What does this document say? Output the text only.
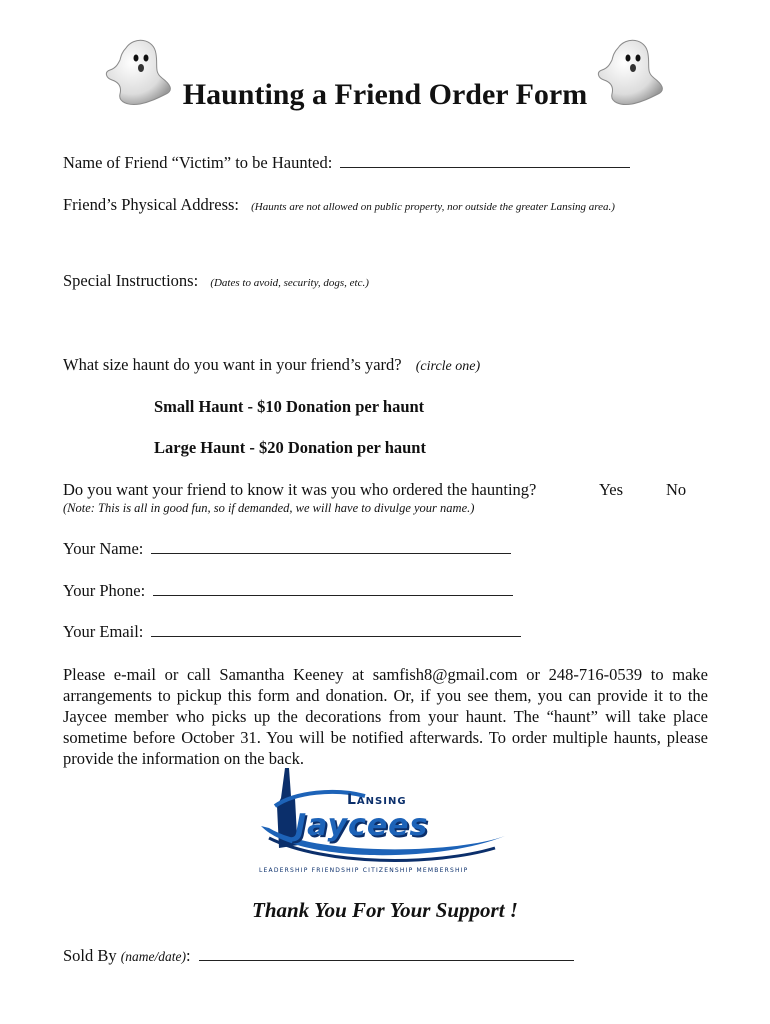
Haunting a Friend Order Form
Name of Friend “Victim” to be Haunted:
Friend’s Physical Address: (Haunts are not allowed on public property, nor outside the greater Lansing area.)
Special Instructions: (Dates to avoid, security, dogs, etc.)
What size haunt do you want in your friend’s yard? (circle one)
Small Haunt - $10 Donation per haunt
Large Haunt - $20 Donation per haunt
Do you want your friend to know it was you who ordered the haunting?	Yes	No
(Note: This is all in good fun, so if demanded, we will have to divulge your name.)
Your Name:
Your Phone:
Your Email:
Please e-mail or call Samantha Keeney at samfish8@gmail.com or 248-716-0539 to make arrangements to pickup this form and donation. Or, if you see them, you can provide it to the Jaycee member who picks up the decorations from your haunt. The “haunt” will take place sometime before October 31. You will be notified afterwards. To order multiple haunts, please provide the information on the back.
Lansing
Jaycees
LEADERSHIP FRIENDSHIP CITIZENSHIP MEMBERSHIP
Thank You For Your Support !
Sold By (name/date):
